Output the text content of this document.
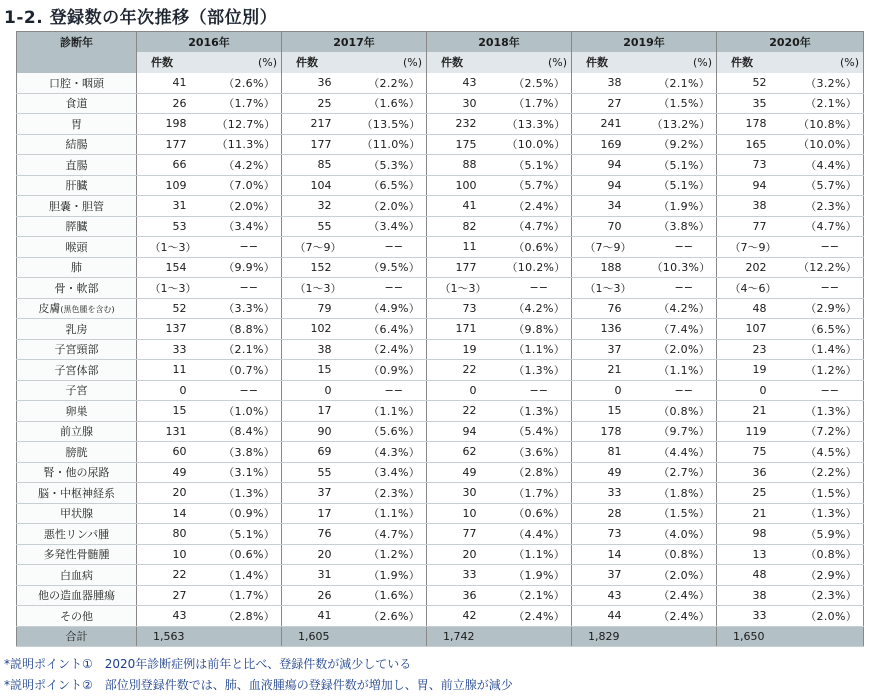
1-2. 登録数の年次推移（部位別）
診断年	2016年		2017年		2018年		2019年		2020年	
	件数	(%)	件数	(%)	件数	(%)	件数	(%)	件数	(%)
口腔・咽頭	41	（2.6%）	36	（2.2%）	43	（2.5%）	38	（2.1%）	52	（3.2%）
食道	26	（1.7%）	25	（1.6%）	30	（1.7%）	27	（1.5%）	35	（2.1%）
胃	198	（12.7%）	217	（13.5%）	232	（13.3%）	241	（13.2%）	178	（10.8%）
結腸	177	（11.3%）	177	（11.0%）	175	（10.0%）	169	（9.2%）	165	（10.0%）
直腸	66	（4.2%）	85	（5.3%）	88	（5.1%）	94	（5.1%）	73	（4.4%）
肝臓	109	（7.0%）	104	（6.5%）	100	（5.7%）	94	（5.1%）	94	（5.7%）
胆嚢・胆管	31	（2.0%）	32	（2.0%）	41	（2.4%）	34	（1.9%）	38	（2.3%）
膵臓	53	（3.4%）	55	（3.4%）	82	（4.7%）	70	（3.8%）	77	（4.7%）
喉頭	（1〜3）	−−	（7〜9）	−−	11	（0.6%）	（7〜9）	−−	（7〜9）	−−
肺	154	（9.9%）	152	（9.5%）	177	（10.2%）	188	（10.3%）	202	（12.2%）
骨・軟部	（1〜3）	−−	（1〜3）	−−	（1〜3）	−−	（1〜3）	−−	（4〜6）	−−
皮膚(黒色腫を含む)	52	（3.3%）	79	（4.9%）	73	（4.2%）	76	（4.2%）	48	（2.9%）
乳房	137	（8.8%）	102	（6.4%）	171	（9.8%）	136	（7.4%）	107	（6.5%）
子宮頸部	33	（2.1%）	38	（2.4%）	19	（1.1%）	37	（2.0%）	23	（1.4%）
子宮体部	11	（0.7%）	15	（0.9%）	22	（1.3%）	21	（1.1%）	19	（1.2%）
子宮	0	−−	0	−−	0	−−	0	−−	0	−−
卵巣	15	（1.0%）	17	（1.1%）	22	（1.3%）	15	（0.8%）	21	（1.3%）
前立腺	131	（8.4%）	90	（5.6%）	94	（5.4%）	178	（9.7%）	119	（7.2%）
膀胱	60	（3.8%）	69	（4.3%）	62	（3.6%）	81	（4.4%）	75	（4.5%）
腎・他の尿路	49	（3.1%）	55	（3.4%）	49	（2.8%）	49	（2.7%）	36	（2.2%）
脳・中枢神経系	20	（1.3%）	37	（2.3%）	30	（1.7%）	33	（1.8%）	25	（1.5%）
甲状腺	14	（0.9%）	17	（1.1%）	10	（0.6%）	28	（1.5%）	21	（1.3%）
悪性リンパ腫	80	（5.1%）	76	（4.7%）	77	（4.4%）	73	（4.0%）	98	（5.9%）
多発性骨髄腫	10	（0.6%）	20	（1.2%）	20	（1.1%）	14	（0.8%）	13	（0.8%）
白血病	22	（1.4%）	31	（1.9%）	33	（1.9%）	37	（2.0%）	48	（2.9%）
他の造血器腫瘍	27	（1.7%）	26	（1.6%）	36	（2.1%）	43	（2.4%）	38	（2.3%）
その他	43	（2.8%）	41	（2.6%）	42	（2.4%）	44	（2.4%）	33	（2.0%）
合計	1,563		1,605		1,742		1,829		1,650	
*説明ポイント①　2020年診断症例は前年と比べ、登録件数が減少している
*説明ポイント②　部位別登録件数では、肺、血液腫瘍の登録件数が増加し、胃、前立腺が減少
